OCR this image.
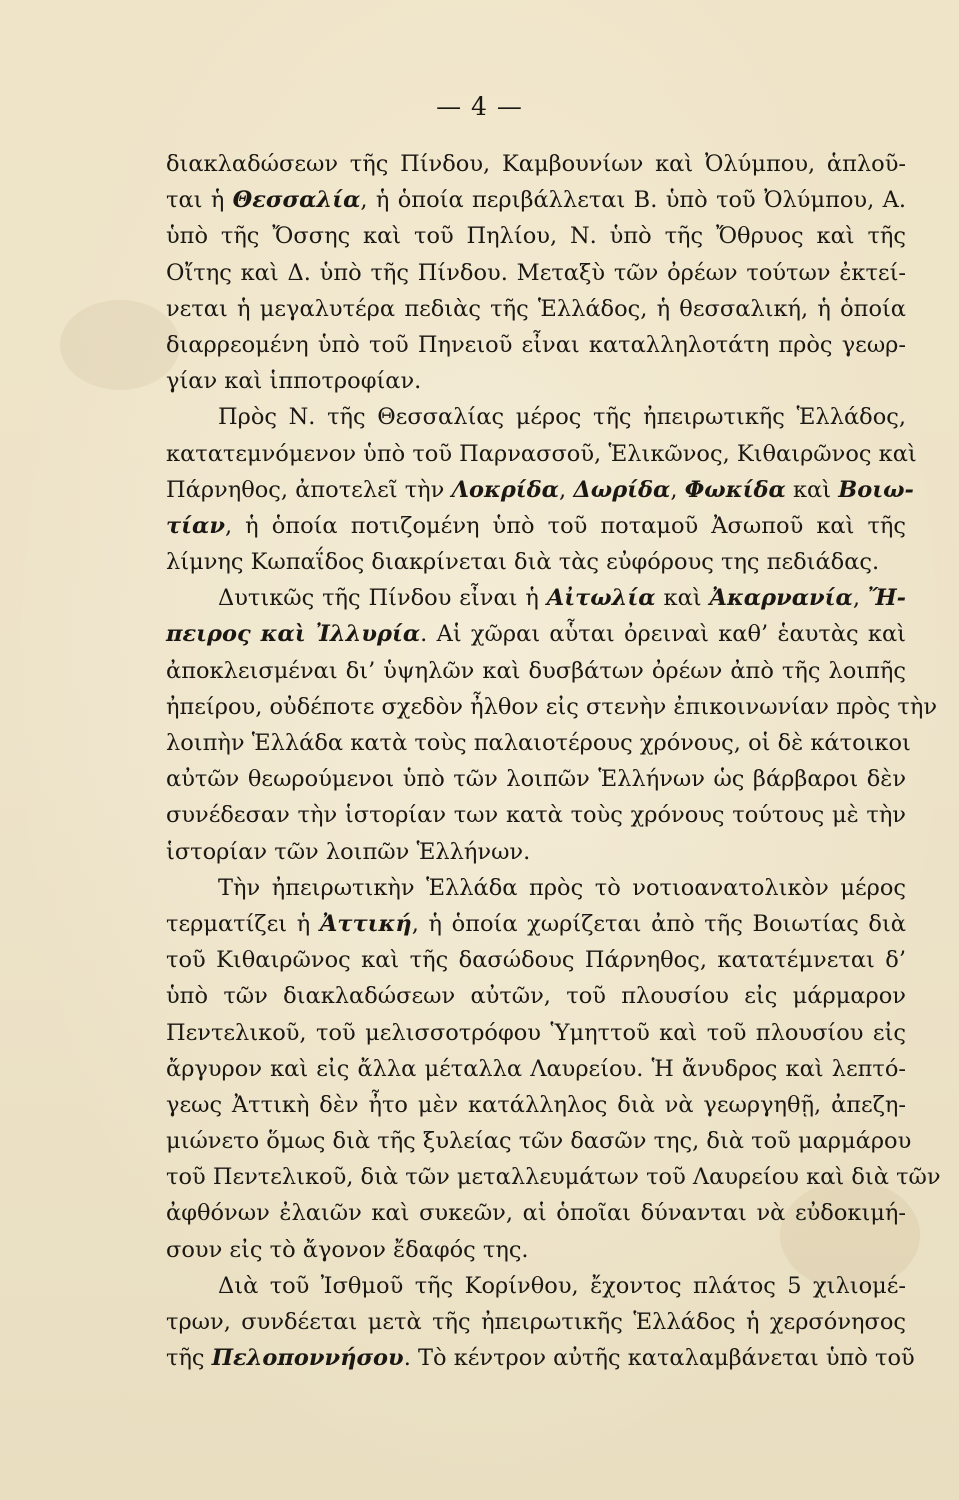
— 4 —
διακλαδώσεων τῆς Πίνδου, Καμβουνίων καὶ Ὀλύμπου, ἁπλοῦ-
ται ἡ Θεσσαλία, ἡ ὁποία περιβάλλεται Β. ὑπὸ τοῦ Ὀλύμπου, Α.
ὑπὸ τῆς Ὄσσης καὶ τοῦ Πηλίου, Ν. ὑπὸ τῆς Ὄθρυος καὶ τῆς
Οἴτης καὶ Δ. ὑπὸ τῆς Πίνδου. Μεταξὺ τῶν ὀρέων τούτων ἐκτεί-
νεται ἡ μεγαλυτέρα πεδιὰς τῆς Ἑλλάδος, ἡ θεσσαλική, ἡ ὁποία
διαρρεομένη ὑπὸ τοῦ Πηνειοῦ εἶναι καταλληλοτάτη πρὸς γεωρ-
γίαν καὶ ἱπποτροφίαν.
Πρὸς Ν. τῆς Θεσσαλίας μέρος τῆς ἠπειρωτικῆς Ἑλλάδος,
κατατεμνόμενον ὑπὸ τοῦ Παρνασσοῦ, Ἑλικῶνος, Κιθαιρῶνος καὶ
Πάρνηθος, ἀποτελεῖ τὴν Λοκρίδα, Δωρίδα, Φωκίδα καὶ Βοιω-
τίαν, ἡ ὁποία ποτιζομένη ὑπὸ τοῦ ποταμοῦ Ἀσωποῦ καὶ τῆς
λίμνης Κωπαΐδος διακρίνεται διὰ τὰς εὐφόρους της πεδιάδας.
Δυτικῶς τῆς Πίνδου εἶναι ἡ Αἰτωλία καὶ Ἀκαρνανία, Ἤ-
πειρος καὶ Ἰλλυρία. Αἱ χῶραι αὗται ὀρειναὶ καθ’ ἑαυτὰς καὶ
ἀποκλεισμέναι δι’ ὑψηλῶν καὶ δυσβάτων ὀρέων ἀπὸ τῆς λοιπῆς
ἠπείρου, οὐδέποτε σχεδὸν ἦλθον εἰς στενὴν ἐπικοινωνίαν πρὸς τὴν
λοιπὴν Ἑλλάδα κατὰ τοὺς παλαιοτέρους χρόνους, οἱ δὲ κάτοικοι
αὐτῶν θεωρούμενοι ὑπὸ τῶν λοιπῶν Ἑλλήνων ὡς βάρβαροι δὲν
συνέδεσαν τὴν ἱστορίαν των κατὰ τοὺς χρόνους τούτους μὲ τὴν
ἱστορίαν τῶν λοιπῶν Ἑλλήνων.
Τὴν ἠπειρωτικὴν Ἑλλάδα πρὸς τὸ νοτιοανατολικὸν μέρος
τερματίζει ἡ Ἀττική, ἡ ὁποία χωρίζεται ἀπὸ τῆς Βοιωτίας διὰ
τοῦ Κιθαιρῶνος καὶ τῆς δασώδους Πάρνηθος, κατατέμνεται δ’
ὑπὸ τῶν διακλαδώσεων αὐτῶν, τοῦ πλουσίου εἰς μάρμαρον
Πεντελικοῦ, τοῦ μελισσοτρόφου Ὑμηττοῦ καὶ τοῦ πλουσίου εἰς
ἄργυρον καὶ εἰς ἄλλα μέταλλα Λαυρείου. Ἡ ἄνυδρος καὶ λεπτό-
γεως Ἀττικὴ δὲν ἦτο μὲν κατάλληλος διὰ νὰ γεωργηθῇ, ἀπεζη-
μιώνετο ὅμως διὰ τῆς ξυλείας τῶν δασῶν της, διὰ τοῦ μαρμάρου
τοῦ Πεντελικοῦ, διὰ τῶν μεταλλευμάτων τοῦ Λαυρείου καὶ διὰ τῶν
ἀφθόνων ἐλαιῶν καὶ συκεῶν, αἱ ὁποῖαι δύνανται νὰ εὐδοκιμή-
σουν εἰς τὸ ἄγονον ἔδαφός της.
Διὰ τοῦ Ἰσθμοῦ τῆς Κορίνθου, ἔχοντος πλάτος 5 χιλιομέ-
τρων, συνδέεται μετὰ τῆς ἠπειρωτικῆς Ἑλλάδος ἡ χερσόνησος
τῆς Πελοποννήσου. Τὸ κέντρον αὐτῆς καταλαμβάνεται ὑπὸ τοῦ
